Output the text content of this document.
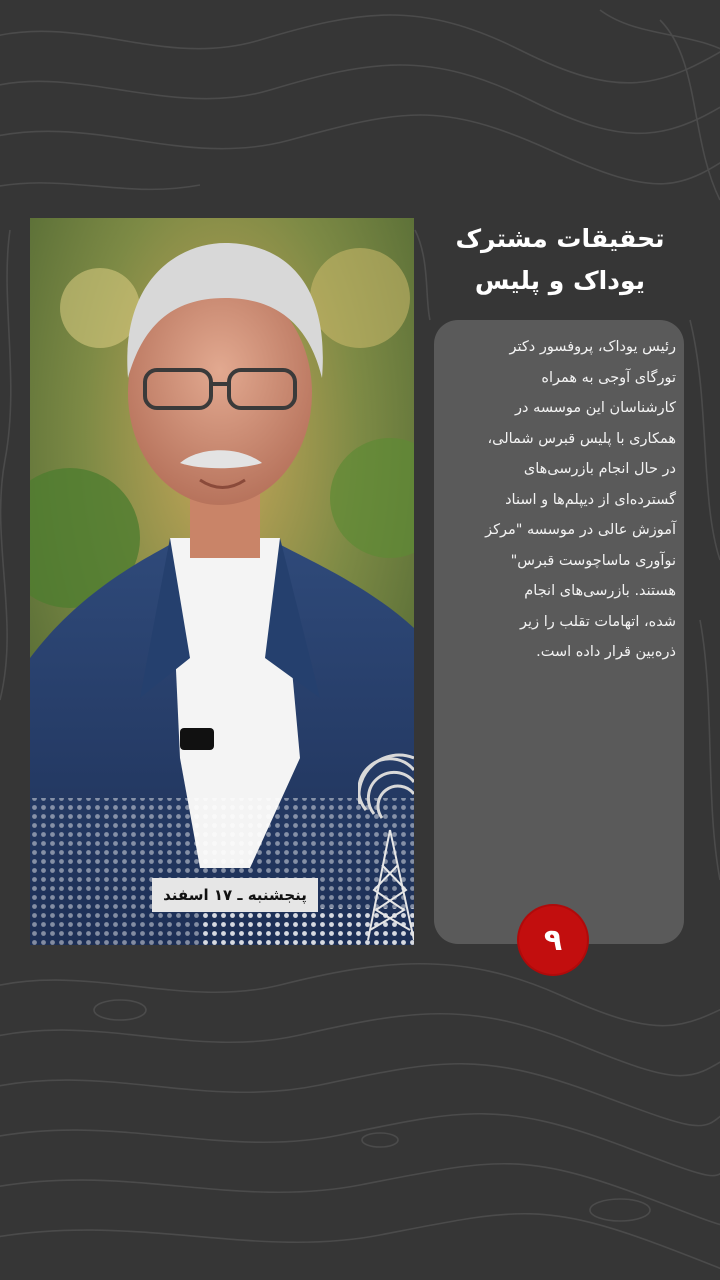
پنجشنبه ـ ۱۷ اسفند
تحقیقات مشترک
یوداک و پلیس
رئیس یوداک، پروفسور دکتر
تورگای آوجی به همراه
کارشناسان این موسسه در
همکاری با پلیس قبرس شمالی،
در حال انجام بازرسی‌های
گسترده‌ای از دیپلم‌ها و اسناد
آموزش عالی در موسسه "مرکز
نوآوری ماساچوست قبرس"
هستند. بازرسی‌های انجام
شده، اتهامات تقلب را زیر
ذره‌بین قرار داده است.
۹
